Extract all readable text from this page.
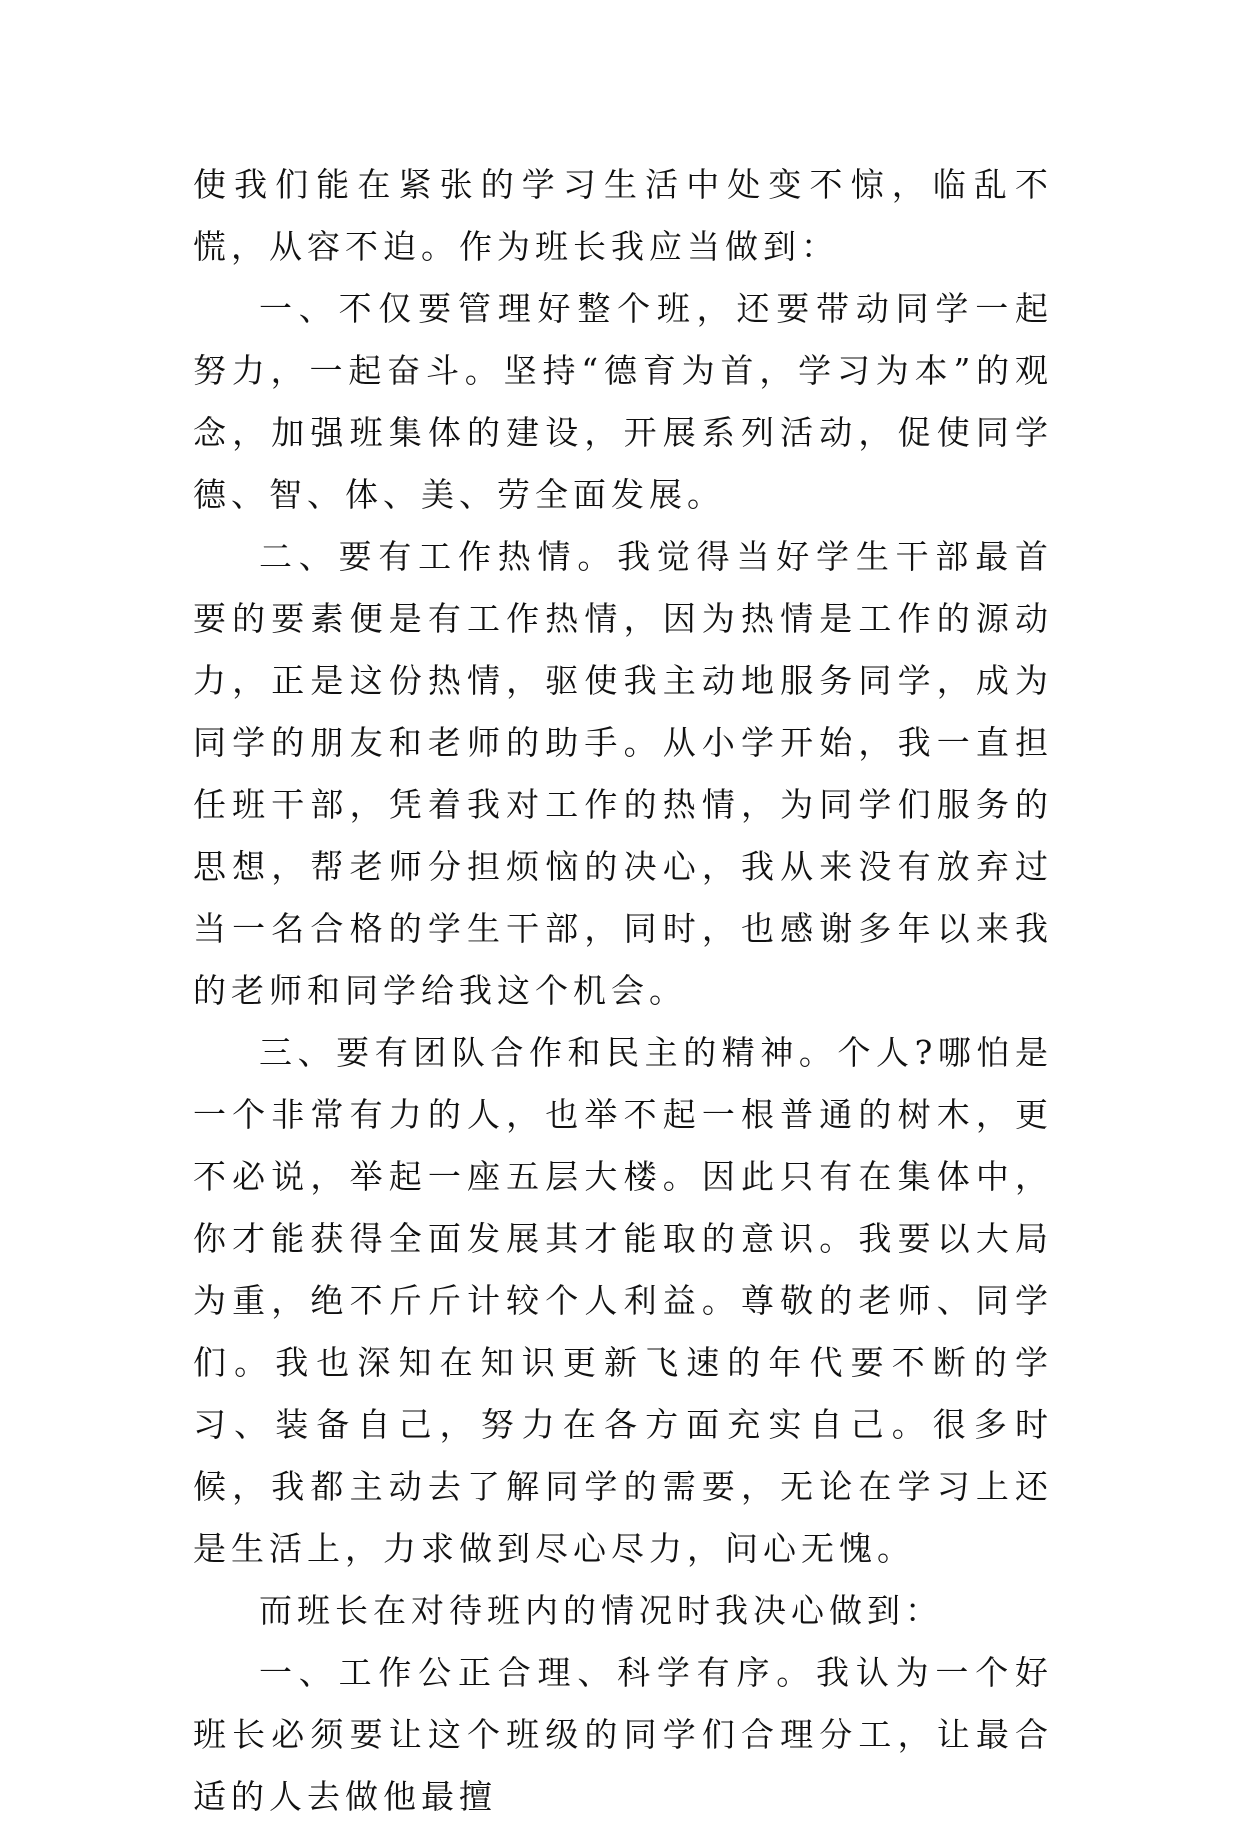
使我们能在紧张的学习生活中处变不惊，临乱不慌，从容不迫。作为班长我应当做到：

一、不仅要管理好整个班，还要带动同学一起努力，一起奋斗。坚持“德育为首，学习为本”的观念，加强班集体的建设，开展系列活动，促使同学德、智、体、美、劳全面发展。

二、要有工作热情。我觉得当好学生干部最首要的要素便是有工作热情，因为热情是工作的源动力，正是这份热情，驱使我主动地服务同学，成为同学的朋友和老师的助手。从小学开始，我一直担任班干部，凭着我对工作的热情，为同学们服务的思想，帮老师分担烦恼的决心，我从来没有放弃过当一名合格的学生干部，同时，也感谢多年以来我的老师和同学给我这个机会。

三、要有团队合作和民主的精神。个人?哪怕是一个非常有力的人，也举不起一根普通的树木，更不必说，举起一座五层大楼。因此只有在集体中，你才能获得全面发展其才能取的意识。我要以大局为重，绝不斤斤计较个人利益。尊敬的老师、同学们。我也深知在知识更新飞速的年代要不断的学习、装备自己，努力在各方面充实自己。很多时候，我都主动去了解同学的需要，无论在学习上还是生活上，力求做到尽心尽力，问心无愧。

而班长在对待班内的情况时我决心做到：

一、工作公正合理、科学有序。我认为一个好班长必须要让这个班级的同学们合理分工，让最合适的人去做他最擅
